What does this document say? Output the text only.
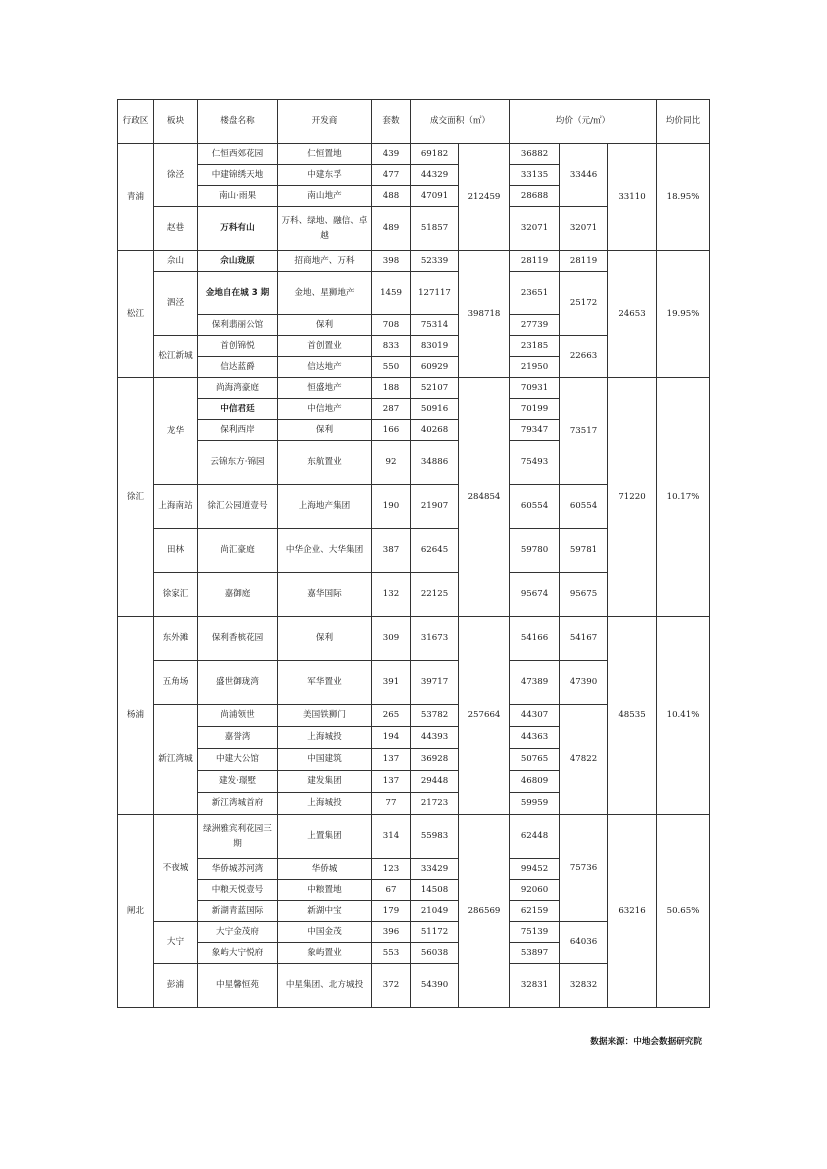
行政区	板块	楼盘名称	开发商	套数	成交面积（㎡）		均价（元/㎡）			均价同比
青浦	徐泾	仁恒西郊花园	仁恒置地	439	69182	212459	36882	33446	33110	18.95%
		中建锦绣天地	中建东孚	477	44329		33135			
		南山·雨果	南山地产	488	47091		28688			
	赵巷	万科有山	万科、绿地、融信、卓越	489	51857		32071	32071		
松江	佘山	佘山珑原	招商地产、万科	398	52339	398718	28119	28119	24653	19.95%
	泗泾	金地自在城 3 期	金地、星狮地产	1459	127117		23651	25172		
		保利翡丽公馆	保利	708	75314		27739			
	松江新城	首创锦悦	首创置业	833	83019		23185	22663		
		信达蓝爵	信达地产	550	60929		21950			
徐汇	龙华	尚海湾豪庭	恒盛地产	188	52107	284854	70931	73517	71220	10.17%
		中信君廷	中信地产	287	50916		70199			
		保利西岸	保利	166	40268		79347			
		云锦东方·锦园	东航置业	92	34886		75493			
	上海南站	徐汇公园道壹号	上海地产集团	190	21907		60554	60554		
	田林	尚汇豪庭	中华企业、大华集团	387	62645		59780	59781		
	徐家汇	嘉御庭	嘉华国际	132	22125		95674	95675		
杨浦	东外滩	保利香槟花园	保利	309	31673	257664	54166	54167	48535	10.41%
	五角场	盛世御珑湾	军华置业	391	39717		47389	47390		
	新江湾城	尚浦领世	美国铁狮门	265	53782		44307	47822		
		嘉誉湾	上海城投	194	44393		44363			
		中建大公馆	中国建筑	137	36928		50765			
		建发·璟墅	建发集团	137	29448		46809			
		新江湾城首府	上海城投	77	21723		59959			
闸北	不夜城	绿洲雅宾利花园三期	上置集团	314	55983	286569	62448	75736	63216	50.65%
		华侨城苏河湾	华侨城	123	33429		99452			
		中粮天悦壹号	中粮置地	67	14508		92060			
		新湖青蓝国际	新湖中宝	179	21049		62159			
	大宁	大宁金茂府	中国金茂	396	51172		75139	64036		
		象屿大宁悦府	象屿置业	553	56038		53897			
	彭浦	中星馨恒苑	中星集团、北方城投	372	54390		32831	32832		
数据来源：中地会数据研究院
